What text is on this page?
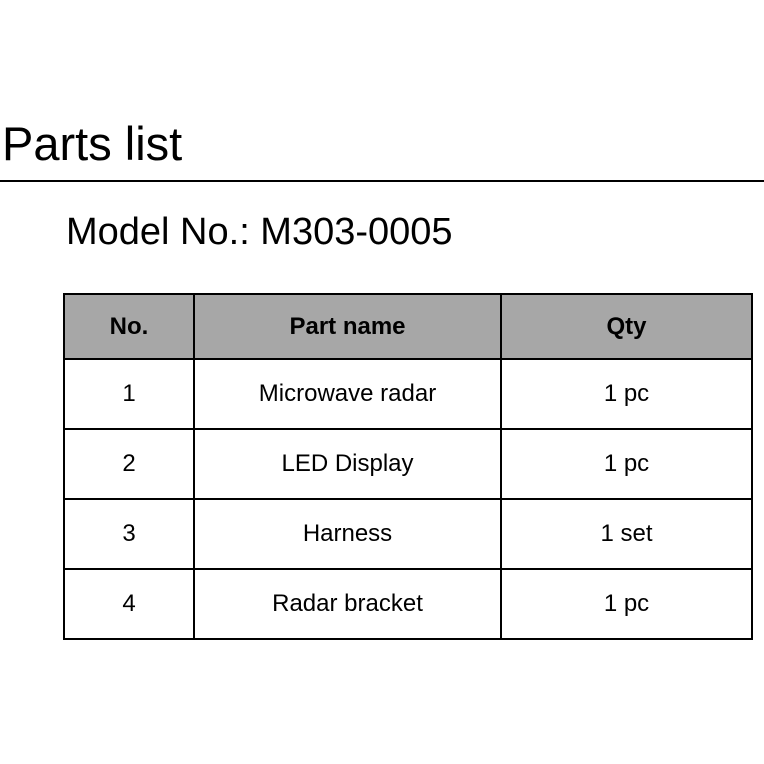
Parts list
Model No.: M303-0005
No.	Part name	Qty
1	Microwave radar	1 pc
2	LED Display	1 pc
3	Harness	1 set
4	Radar bracket	1 pc
